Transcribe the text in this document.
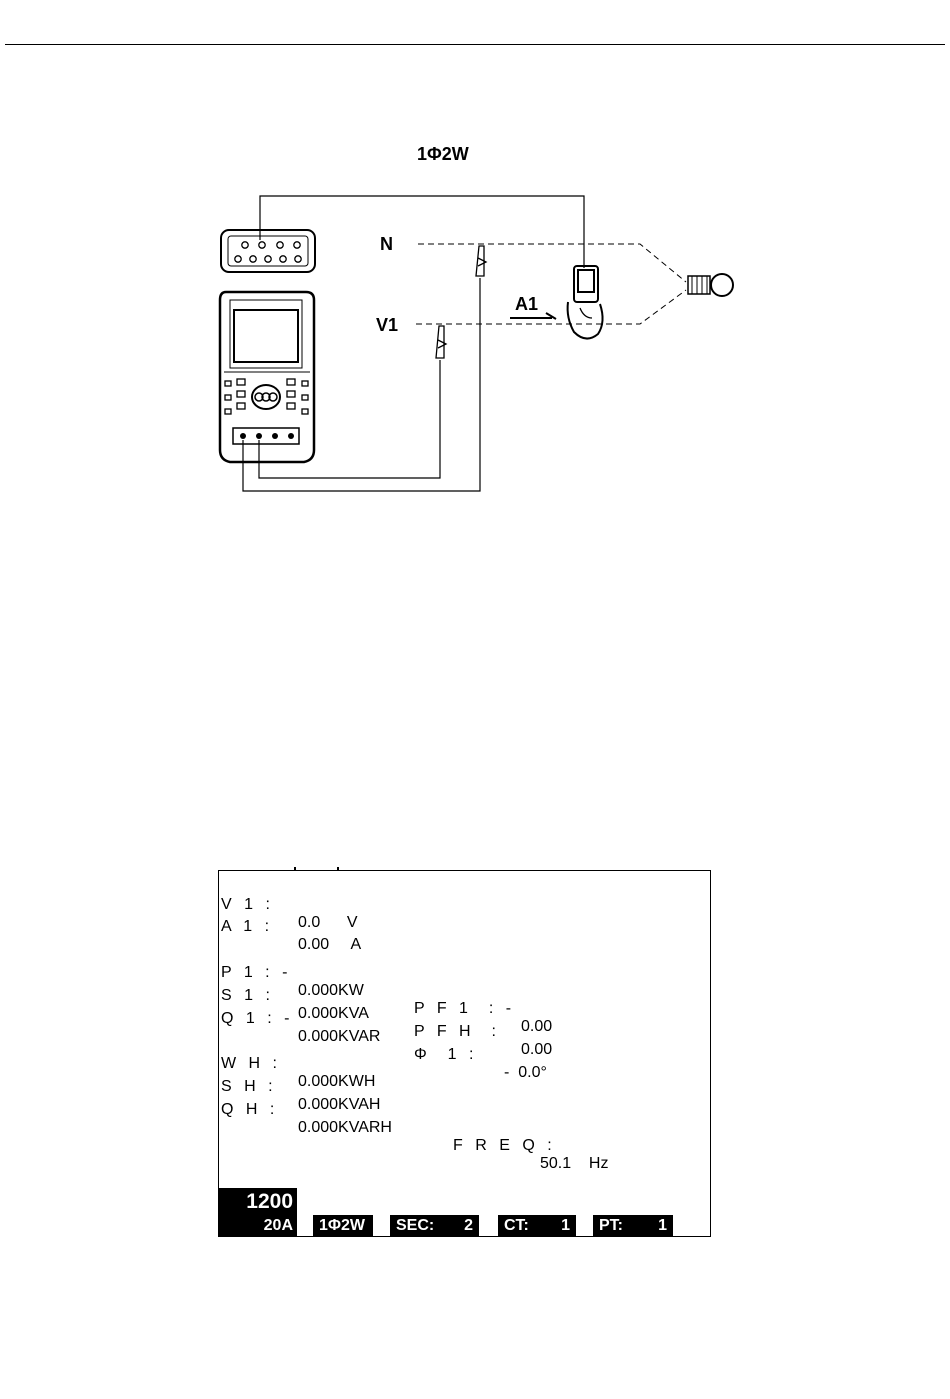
1Φ2W
A1
N
V1

V 1 :

0.0      V

A 1 :

0.00     A

P 1 : -

0.000KW

P F 1  : -

0.00

S 1 :

0.000KVA

P F H  :

0.00

Q 1 : -

0.000KVAR

Φ  1 :

-  0.0°

W H :

0.000KWH

S H :

0.000KVAH

Q H :

0.000KVARH

F R E Q :

50.1    Hz

1200
20A 1Φ2W SEC: 2 CT: 1 PT: 1
